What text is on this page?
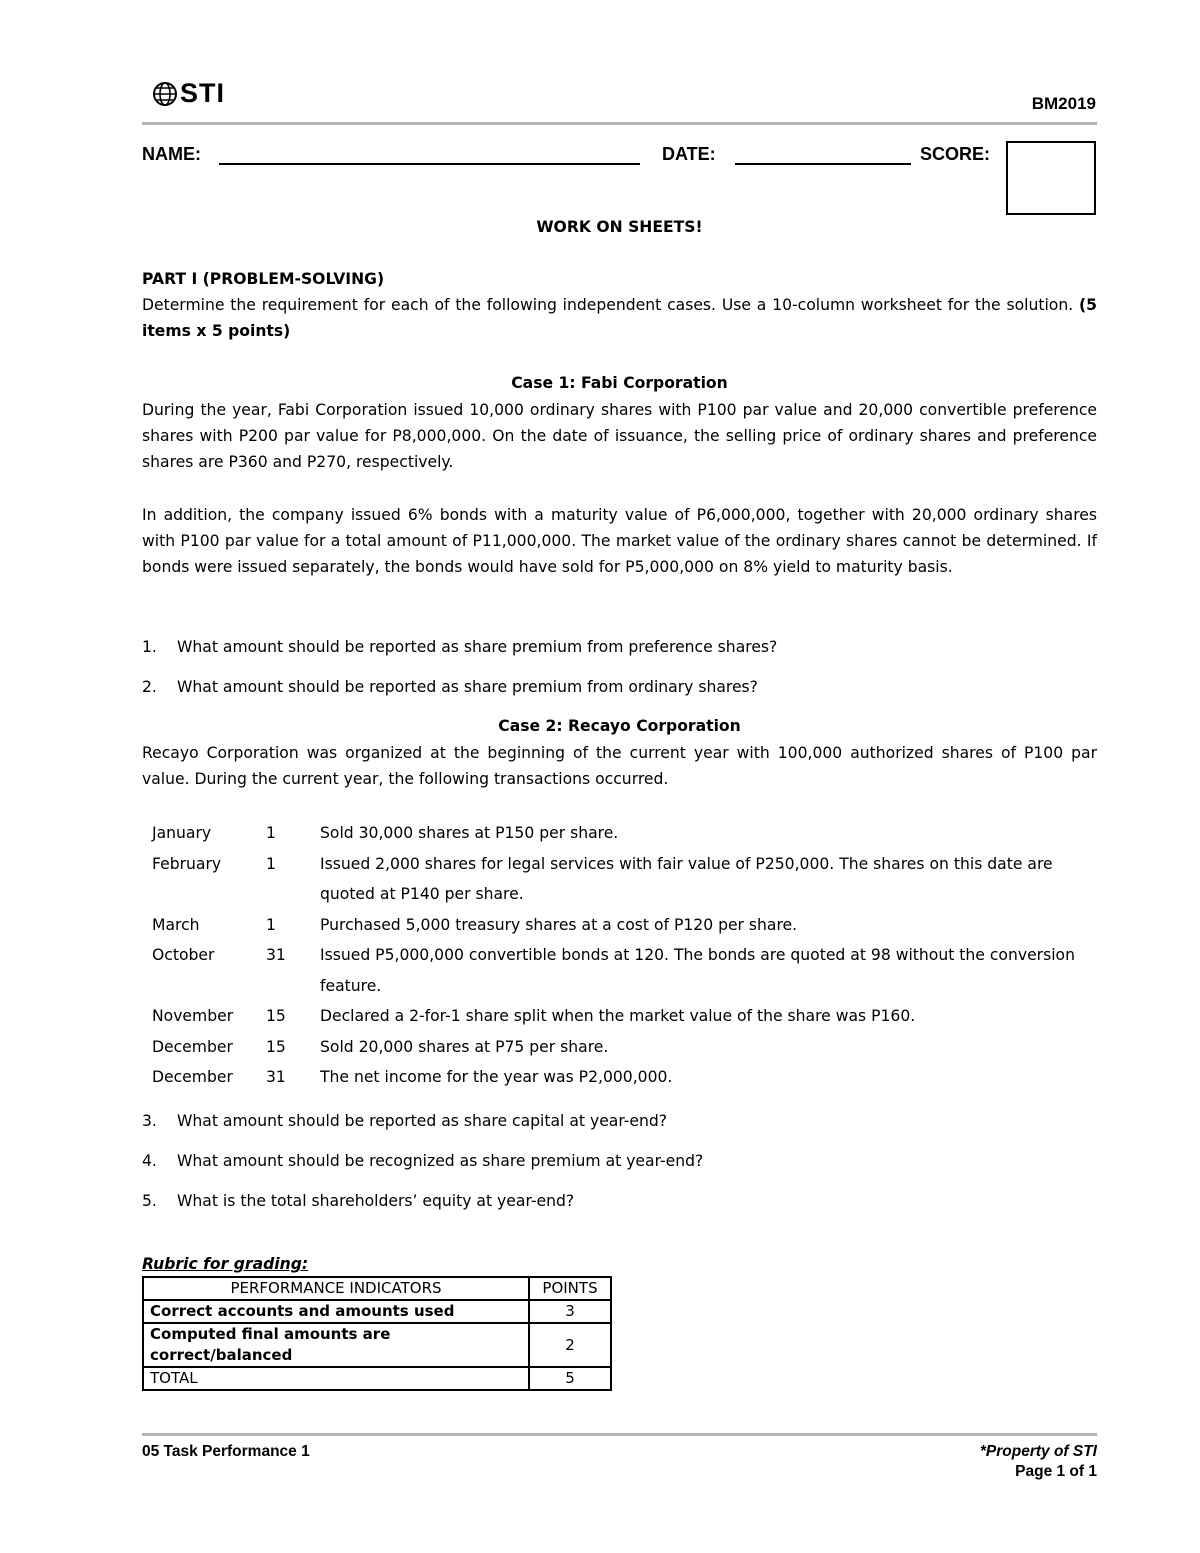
STI	BM2019
NAME:	DATE:	SCORE:
WORK ON SHEETS!
PART I (PROBLEM-SOLVING)
Determine the requirement for each of the following independent cases. Use a 10-column worksheet for the solution. (5 items x 5 points)
Case 1: Fabi Corporation
During the year, Fabi Corporation issued 10,000 ordinary shares with P100 par value and 20,000 convertible preference shares with P200 par value for P8,000,000. On the date of issuance, the selling price of ordinary shares and preference shares are P360 and P270, respectively.
In addition, the company issued 6% bonds with a maturity value of P6,000,000, together with 20,000 ordinary shares with P100 par value for a total amount of P11,000,000. The market value of the ordinary shares cannot be determined. If bonds were issued separately, the bonds would have sold for P5,000,000 on 8% yield to maturity basis.
1. What amount should be reported as share premium from preference shares?
2. What amount should be reported as share premium from ordinary shares?
Case 2: Recayo Corporation
Recayo Corporation was organized at the beginning of the current year with 100,000 authorized shares of P100 par value. During the current year, the following transactions occurred.
January	1	Sold 30,000 shares at P150 per share.
February	1	Issued 2,000 shares for legal services with fair value of P250,000. The shares on this date are quoted at P140 per share.
March	1	Purchased 5,000 treasury shares at a cost of P120 per share.
October	31	Issued P5,000,000 convertible bonds at 120. The bonds are quoted at 98 without the conversion feature.
November	15	Declared a 2-for-1 share split when the market value of the share was P160.
December	15	Sold 20,000 shares at P75 per share.
December	31	The net income for the year was P2,000,000.
3. What amount should be reported as share capital at year-end?
4. What amount should be recognized as share premium at year-end?
5. What is the total shareholders’ equity at year-end?
Rubric for grading:
PERFORMANCE INDICATORS	POINTS
Correct accounts and amounts used	3
Computed final amounts are correct/balanced	2
TOTAL	5
05 Task Performance 1	*Property of STI
Page 1 of 1
